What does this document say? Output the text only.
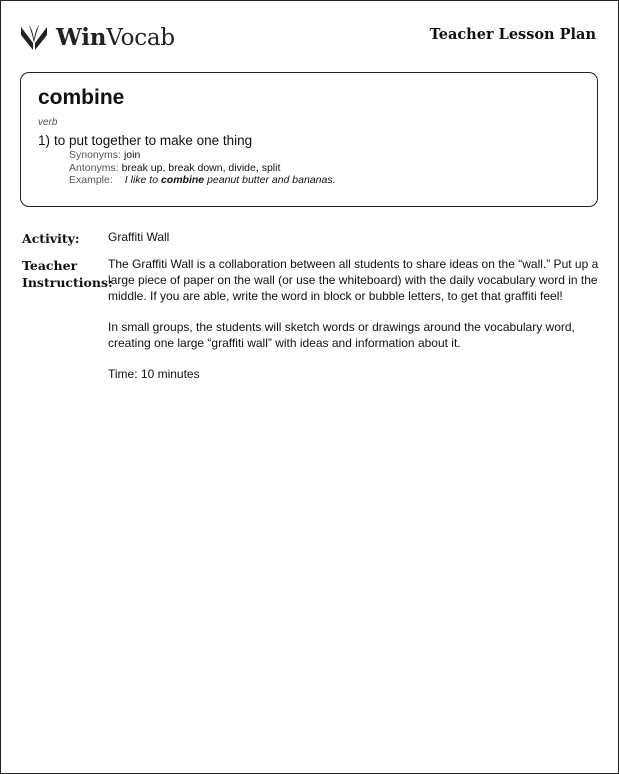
WinVocab	Teacher Lesson Plan
combine
verb
1) to put together to make one thing
Synonyms: join
Antonyms: break up, break down, divide, split
Example: I like to combine peanut butter and bananas.
Activity: Graffiti Wall
Teacher
Instructions:
The Graffiti Wall is a collaboration between all students to share ideas on the “wall.” Put up a large piece of paper on the wall (or use the whiteboard) with the daily vocabulary word in the middle. If you are able, write the word in block or bubble letters, to get that graffiti feel!
In small groups, the students will sketch words or drawings around the vocabulary word, creating one large “graffiti wall” with ideas and information about it.
Time: 10 minutes
